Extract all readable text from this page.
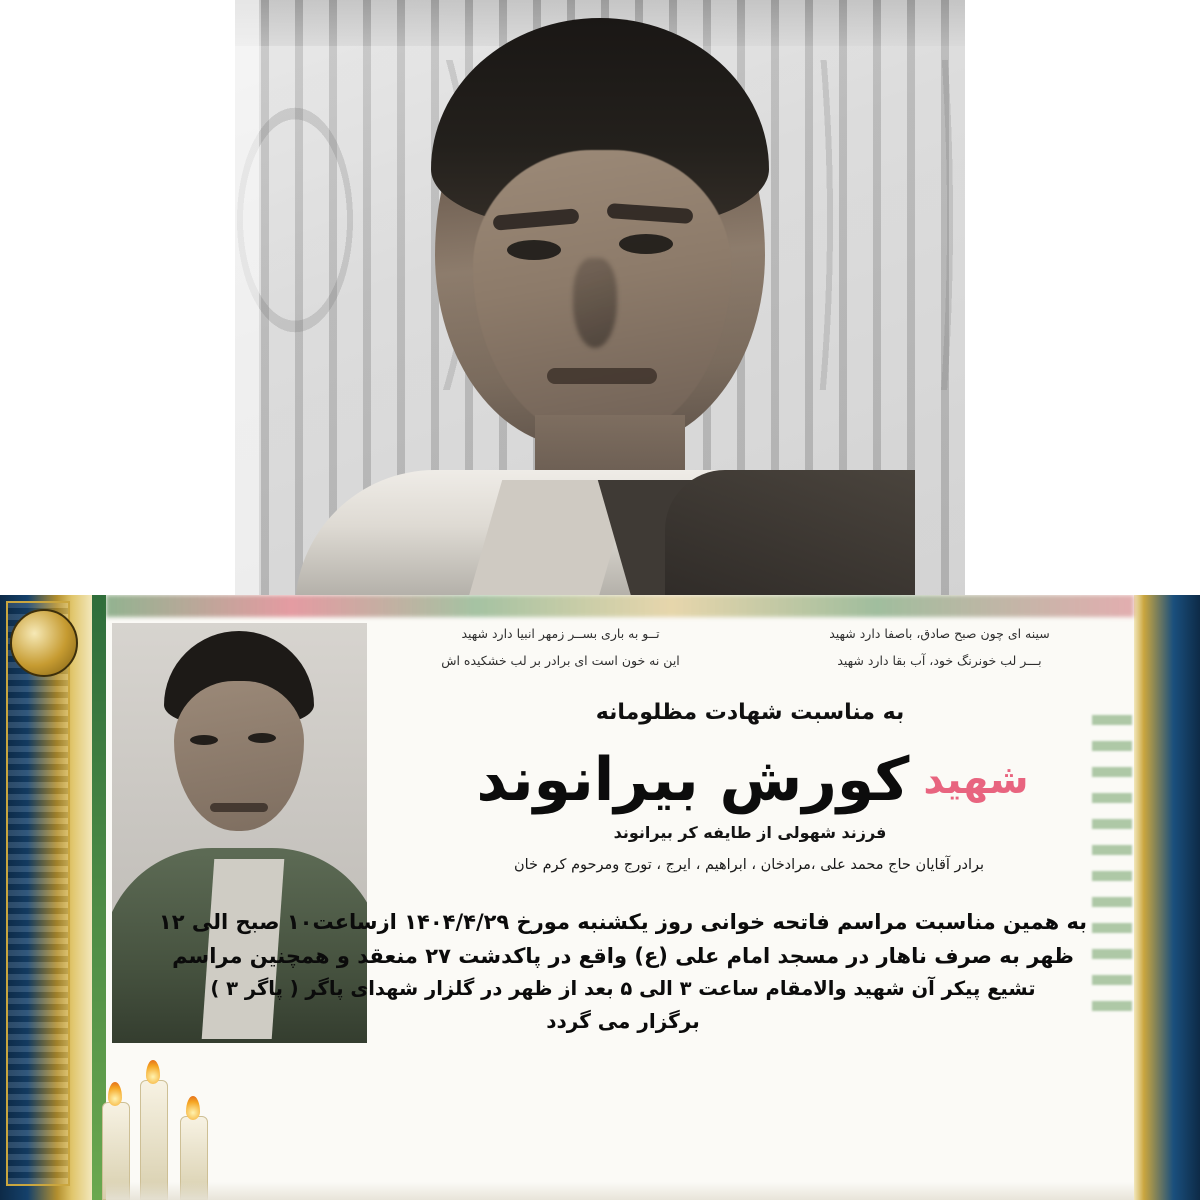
سینه ای چون صبح صادق، باصفا دارد شهید
تــو به باری بســر زمهر انبیا دارد شهید
بـــر لب خونرنگ خود، آب بقا دارد شهید
این نه خون است ای برادر بر لب خشکیده اش
به مناسبت شهادت مظلومانه
شهیدکورش بیرانوند
فرزند شهولی از طایفه کر بیرانوند
برادر آقایان حاج محمد علی ،مرادخان ، ابراهیم ، ایرج ، تورج ومرحوم کرم خان
به همین مناسبت مراسم فاتحه خوانی روز یکشنبه مورخ ۱۴۰۴/۴/۲۹ ازساعت۱۰ صبح الی ۱۲
ظهر به صرف ناهار در مسجد امام علی (ع) واقع در پاکدشت ۲۷ منعقد و همچنین مراسم
تشیع پیکر آن شهید والامقام ساعت ۳ الی ۵ بعد از ظهر در گلزار شهدای پاگر ( پاگر ۳ )
برگزار می گردد
